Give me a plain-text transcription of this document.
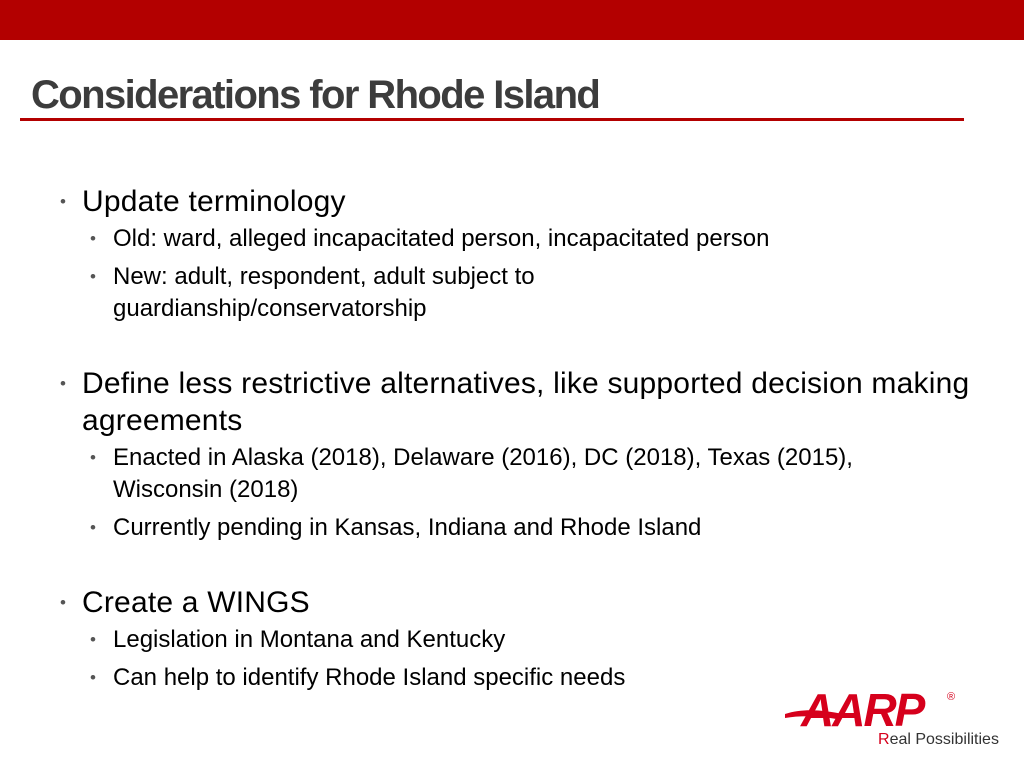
Considerations for Rhode Island
• Update terminology
• Old: ward, alleged incapacitated person, incapacitated person
• New: adult, respondent, adult subject to guardianship/conservatorship
• Define less restrictive alternatives, like supported decision making agreements
• Enacted in Alaska (2018), Delaware (2016), DC (2018), Texas (2015), Wisconsin (2018)
• Currently pending in Kansas, Indiana and Rhode Island
• Create a WINGS
• Legislation in Montana and Kentucky
• Can help to identify Rhode Island specific needs
AARP ®
Real Possibilities
